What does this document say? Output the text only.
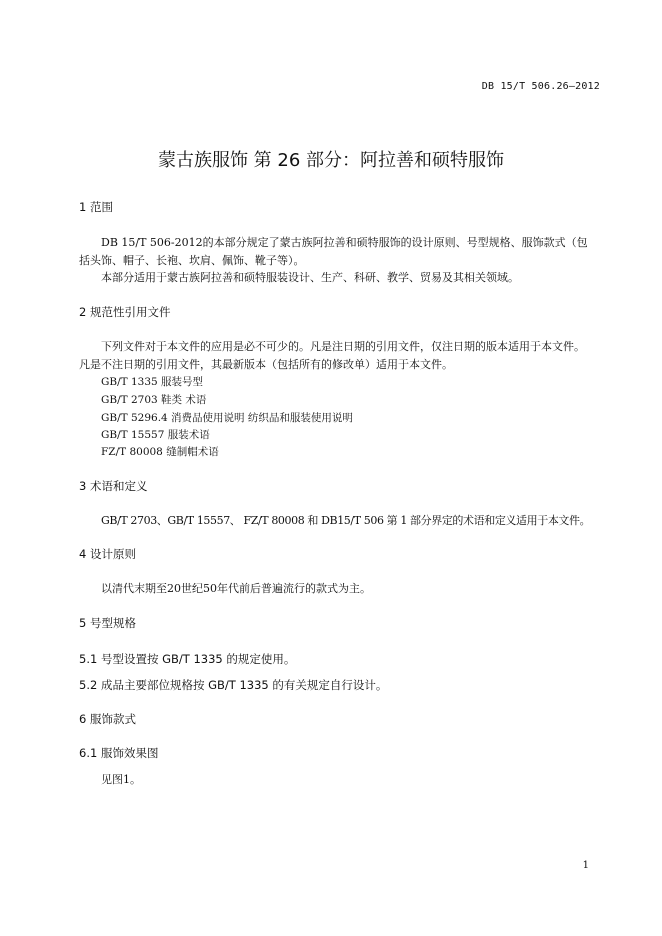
DB 15/T 506.26—2012
蒙古族服饰 第 26 部分：阿拉善和硕特服饰
1 范围
DB 15/T 506-2012的本部分规定了蒙古族阿拉善和硕特服饰的设计原则、号型规格、服饰款式（包
括头饰、帽子、长袍、坎肩、佩饰、靴子等）。
本部分适用于蒙古族阿拉善和硕特服装设计、生产、科研、教学、贸易及其相关领域。
2 规范性引用文件
下列文件对于本文件的应用是必不可少的。凡是注日期的引用文件，仅注日期的版本适用于本文件。
凡是不注日期的引用文件，其最新版本（包括所有的修改单）适用于本文件。
GB/T 1335 服装号型
GB/T 2703 鞋类 术语
GB/T 5296.4 消费品使用说明 纺织品和服装使用说明
GB/T 15557 服装术语
FZ/T 80008 缝制帽术语
3 术语和定义
GB/T 2703、GB/T 15557、 FZ/T 80008 和 DB15/T 506 第 1 部分界定的术语和定义适用于本文件。
4 设计原则
以清代末期至20世纪50年代前后普遍流行的款式为主。
5 号型规格
5.1 号型设置按 GB/T 1335 的规定使用。
5.2 成品主要部位规格按 GB/T 1335 的有关规定自行设计。
6 服饰款式
6.1 服饰效果图
见图1。
1
